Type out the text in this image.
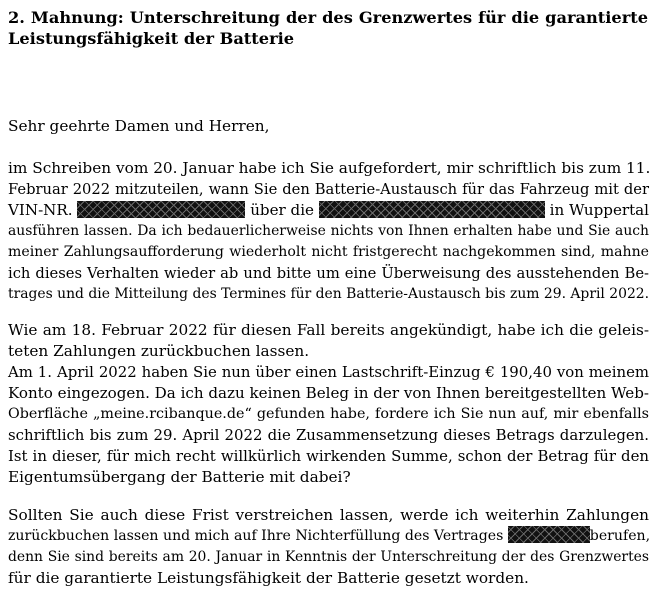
2. Mahnung: Unterschreitung der des Grenzwertes für die garantierte
Leistungsfähigkeit der Batterie
Sehr geehrte Damen und Herren,
im Schreiben vom 20. Januar habe ich Sie aufgefordert, mir schriftlich bis zum 11.
Februar 2022 mitzuteilen, wann Sie den Batterie-Austausch für das Fahrzeug mit der
VIN-NR.	über die	in Wuppertal
ausführen lassen. Da ich bedauerlicherweise nichts von Ihnen erhalten habe und Sie auch
meiner Zahlungsaufforderung wiederholt nicht fristgerecht nachgekommen sind, mahne
ich dieses Verhalten wieder ab und bitte um eine Überweisung des ausstehenden Be-
trages und die Mitteilung des Termines für den Batterie-Austausch bis zum 29. April 2022.
Wie am 18. Februar 2022 für diesen Fall bereits angekündigt, habe ich die geleis-
teten Zahlungen zurückbuchen lassen.
Am 1. April 2022 haben Sie nun über einen Lastschrift-Einzug € 190,40 von meinem
Konto eingezogen. Da ich dazu keinen Beleg in der von Ihnen bereitgestellten Web-
Oberfläche „meine.rcibanque.de“ gefunden habe, fordere ich Sie nun auf, mir ebenfalls
schriftlich bis zum 29. April 2022 die Zusammensetzung dieses Betrags darzulegen.
Ist in dieser, für mich recht willkürlich wirkenden Summe, schon der Betrag für den
Eigentumsübergang der Batterie mit dabei?
Sollten Sie auch diese Frist verstreichen lassen, werde ich weiterhin Zahlungen
zurückbuchen lassen und mich auf Ihre Nichterfüllung des Vertrages	berufen,
denn Sie sind bereits am 20. Januar in Kenntnis der Unterschreitung der des Grenzwertes
für die garantierte Leistungsfähigkeit der Batterie gesetzt worden.
